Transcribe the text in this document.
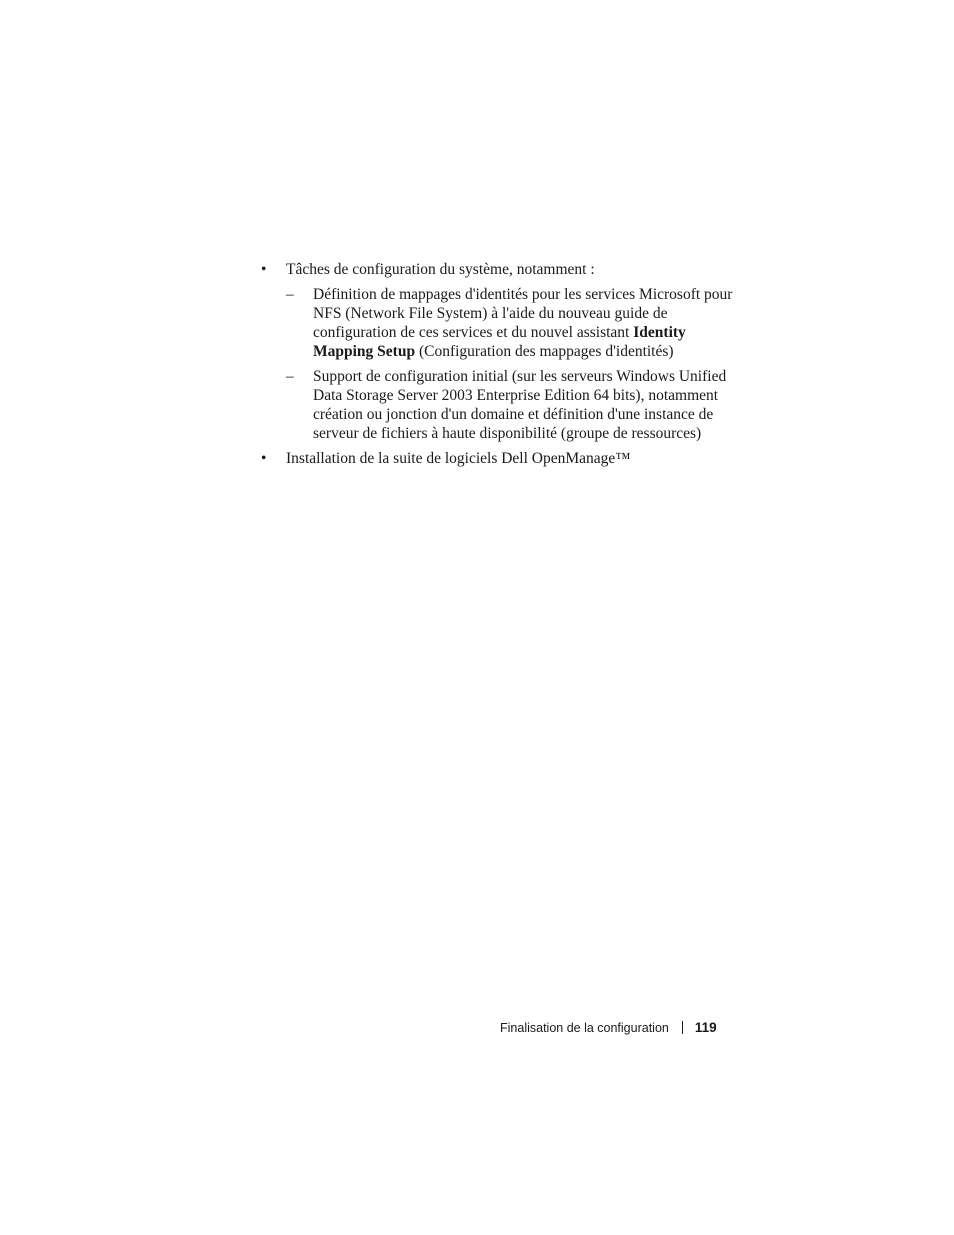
• Tâches de configuration du système, notamment :
– Définition de mappages d'identités pour les services Microsoft pour NFS (Network File System) à l'aide du nouveau guide de configuration de ces services et du nouvel assistant Identity Mapping Setup (Configuration des mappages d'identités)
– Support de configuration initial (sur les serveurs Windows Unified Data Storage Server 2003 Enterprise Edition 64 bits), notamment création ou jonction d'un domaine et définition d'une instance de serveur de fichiers à haute disponibilité (groupe de ressources)
• Installation de la suite de logiciels Dell OpenManage™
Finalisation de la configuration 119
